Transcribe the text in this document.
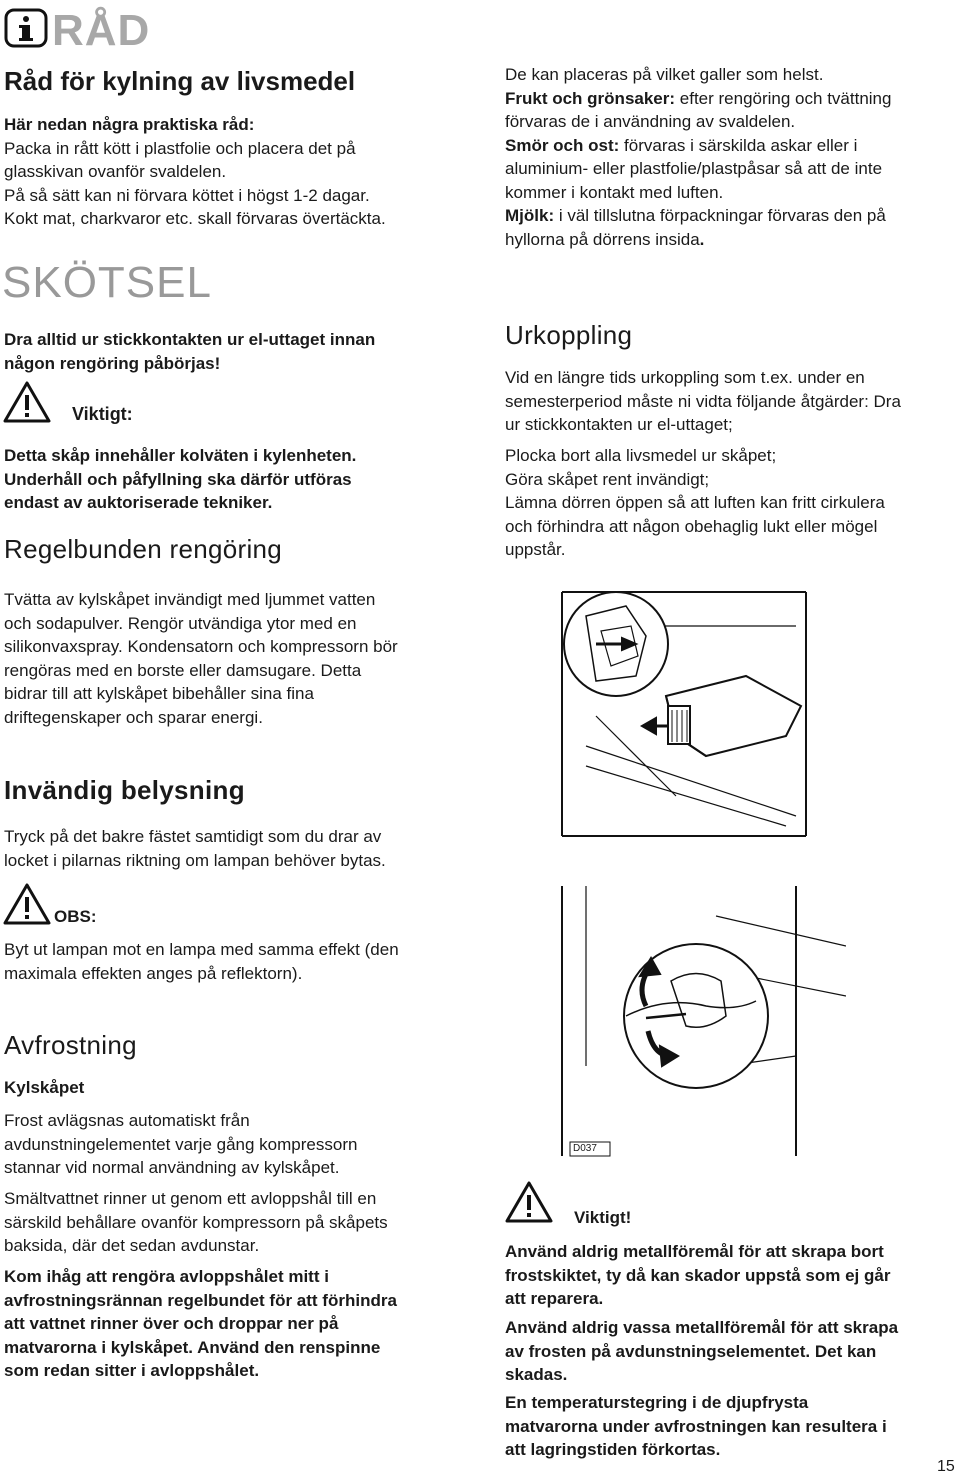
RÅD
Råd för kylning av livsmedel

Här nedan några praktiska råd:

Packa in rått kött i plastfolie och placera det på

glasskivan ovanför svaldelen.

På så sätt kan ni förvara köttet i högst 1-2 dagar.

Kokt mat, charkvaror etc. skall förvaras övertäckta.

SKÖTSEL

Dra alltid ur stickkontakten ur el-uttaget innan

någon rengöring påbörjas!

Viktigt:

Detta skåp innehåller kolväten i kylenheten.

Underhåll och påfyllning ska därför utföras

endast av auktoriserade tekniker.

Regelbunden rengöring

Tvätta av kylskåpet invändigt med ljummet vatten

och sodapulver. Rengör utvändiga ytor med en

silikonvaxspray. Kondensatorn och kompressorn bör

rengöras med en borste eller damsugare. Detta

bidrar till att kylskåpet bibehåller sina fina

driftegenskaper och sparar energi.

Invändig belysning

Tryck på det bakre fästet samtidigt som du drar av

locket i pilarnas riktning om lampan behöver bytas.

OBS:

Byt ut lampan mot en lampa med samma effekt (den

maximala effekten anges på reflektorn).

Avfrostning
Kylskåpet

Frost avlägsnas automatiskt från

avdunstningelementet varje gång kompressorn

stannar vid normal användning av kylskåpet.

Smältvattnet rinner ut genom ett avloppshål till en

särskild behållare ovanför kompressorn på skåpets

baksida, där det sedan avdunstar.

Kom ihåg att rengöra avloppshålet mitt i

avfrostningsrännan regelbundet för att förhindra

att vattnet rinner över och droppar ner på

matvarorna i kylskåpet. Använd den renspinne

som redan sitter i avloppshålet.

De kan placeras på vilket galler som helst.

Frukt och grönsaker: efter rengöring och tvättning

förvaras de i användning av svaldelen.

Smör och ost: förvaras i särskilda askar eller i

aluminium- eller plastfolie/plastpåsar så att de inte

kommer i kontakt med luften.

Mjölk: i väl tillslutna förpackningar förvaras den på

hyllorna på dörrens insida.

Urkoppling

Vid en längre tids urkoppling som t.ex. under en

semesterperiod måste ni vidta följande åtgärder: Dra

ur stickkontakten ur el-uttaget;

Plocka bort alla livsmedel ur skåpet;

Göra skåpet rent invändigt;

Lämna dörren öppen så att luften kan fritt cirkulera

och förhindra att någon obehaglig lukt eller mögel

uppstår.

D037
Viktigt!

Använd aldrig metallföremål för att skrapa bort

frostskiktet, ty då kan skador uppstå som ej går

att reparera.

Använd aldrig vassa metallföremål för att skrapa

av frosten på avdunstningselementet. Det kan

skadas.

En temperaturstegring i de djupfrysta

matvarorna under avfrostningen kan resultera i

att lagringstiden förkortas.

15
